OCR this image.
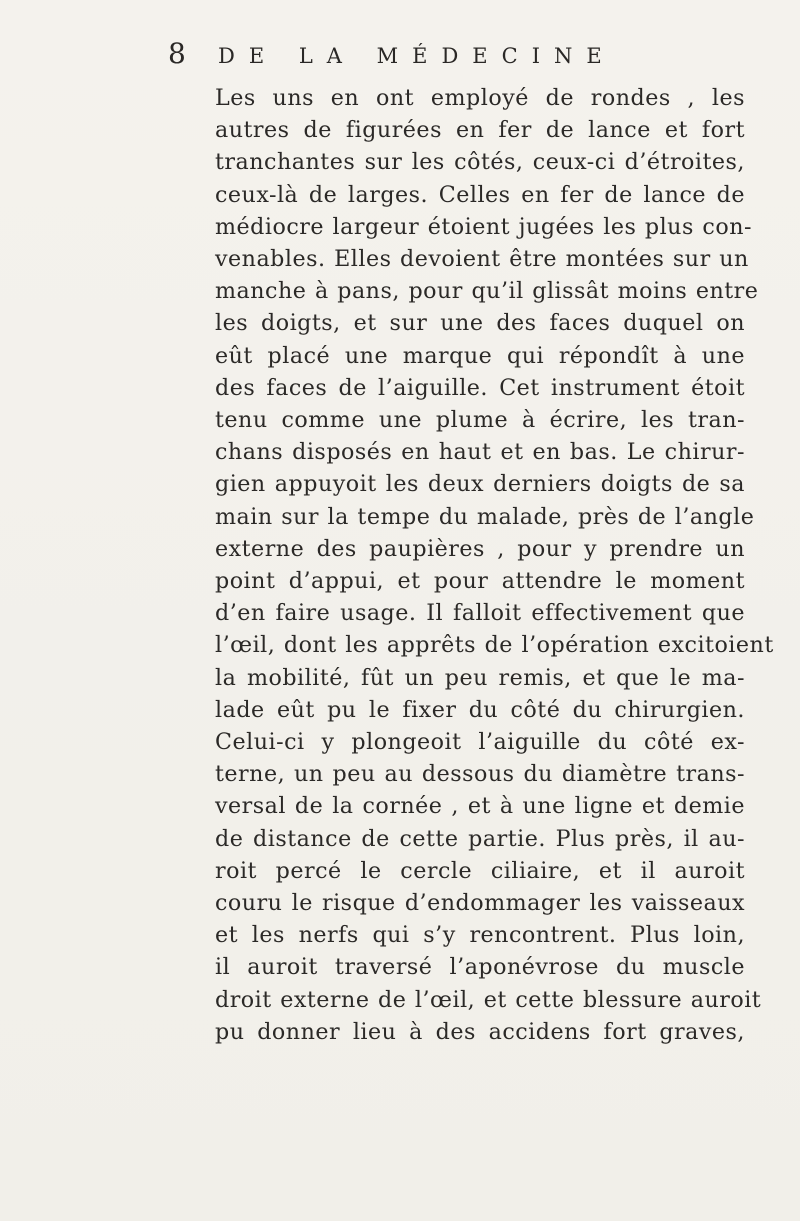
8 DE LA MÉDECINE

Les uns en ont employé de rondes , les
autres de figurées en fer de lance et fort
tranchantes sur les côtés, ceux-ci d’étroites,
ceux-là de larges. Celles en fer de lance de
médiocre largeur étoient jugées les plus con-
venables. Elles devoient être montées sur un
manche à pans, pour qu’il glissât moins entre
les doigts, et sur une des faces duquel on
eût placé une marque qui répondît à une
des faces de l’aiguille. Cet instrument étoit
tenu comme une plume à écrire, les tran-
chans disposés en haut et en bas. Le chirur-
gien appuyoit les deux derniers doigts de sa
main sur la tempe du malade, près de l’angle
externe des paupières , pour y prendre un
point d’appui, et pour attendre le moment
d’en faire usage. Il falloit effectivement que
l’œil, dont les apprêts de l’opération excitoient
la mobilité, fût un peu remis, et que le ma-
lade eût pu le fixer du côté du chirurgien.
Celui-ci y plongeoit l’aiguille du côté ex-
terne, un peu au dessous du diamètre trans-
versal de la cornée , et à une ligne et demie
de distance de cette partie. Plus près, il au-
roit percé le cercle ciliaire, et il auroit
couru le risque d’endommager les vaisseaux
et les nerfs qui s’y rencontrent. Plus loin,
il auroit traversé l’aponévrose du muscle
droit externe de l’œil, et cette blessure auroit
pu donner lieu à des accidens fort graves,
